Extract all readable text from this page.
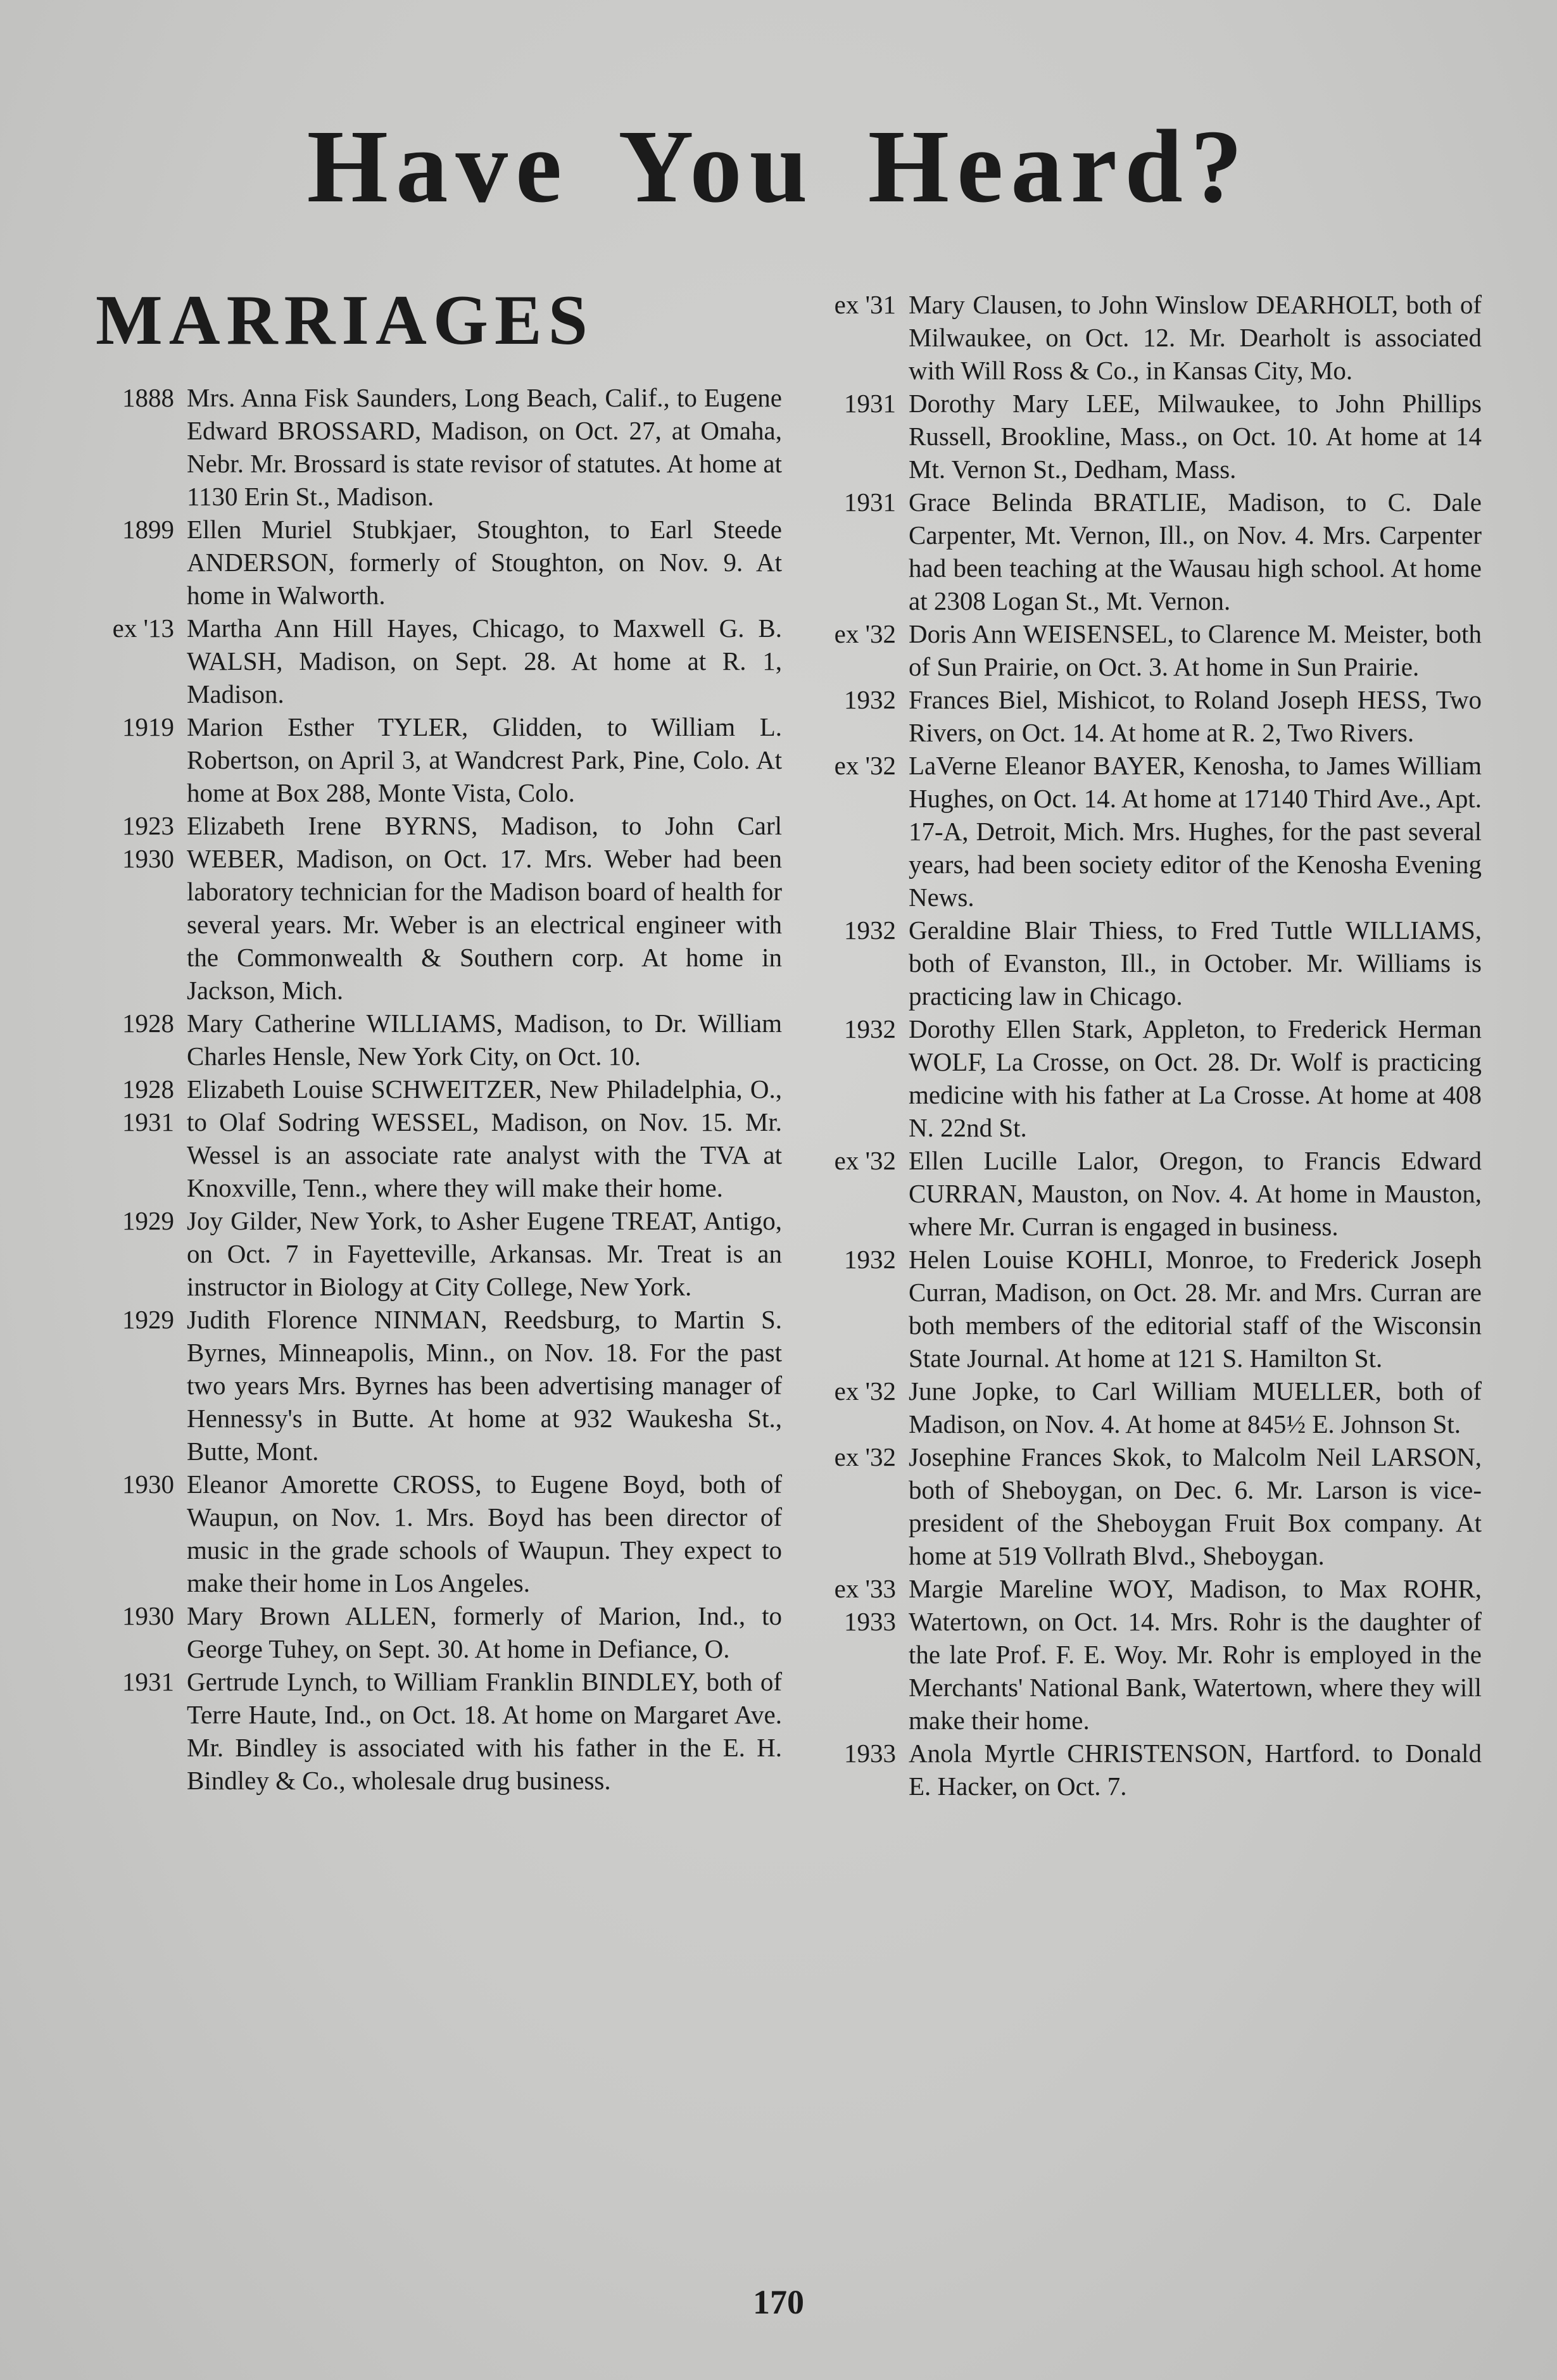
Have You Heard?
MARRIAGES
1888 Mrs. Anna Fisk Saunders, Long Beach, Calif., to Eugene Edward BROSSARD, Madison, on Oct. 27, at Omaha, Nebr. Mr. Brossard is state revisor of statutes. At home at 1130 Erin St., Madison.
1899 Ellen Muriel Stubkjaer, Stoughton, to Earl Steede ANDERSON, formerly of Stoughton, on Nov. 9. At home in Walworth.
ex '13 Martha Ann Hill Hayes, Chicago, to Maxwell G. B. WALSH, Madison, on Sept. 28. At home at R. 1, Madison.
1919 Marion Esther TYLER, Glidden, to William L. Robertson, on April 3, at Wandcrest Park, Pine, Colo. At home at Box 288, Monte Vista, Colo.
1923
1930
Elizabeth Irene BYRNS, Madison, to John Carl WEBER, Madison, on Oct. 17. Mrs. Weber had been laboratory technician for the Madison board of health for several years. Mr. Weber is an electrical engineer with the Commonwealth & Southern corp. At home in Jackson, Mich.
1928 Mary Catherine WILLIAMS, Madison, to Dr. William Charles Hensle, New York City, on Oct. 10.
1928
1931
Elizabeth Louise SCHWEITZER, New Philadelphia, O., to Olaf Sodring WESSEL, Madison, on Nov. 15. Mr. Wessel is an associate rate analyst with the TVA at Knoxville, Tenn., where they will make their home.
1929 Joy Gilder, New York, to Asher Eugene TREAT, Antigo, on Oct. 7 in Fayetteville, Arkansas. Mr. Treat is an instructor in Biology at City College, New York.
1929 Judith Florence NINMAN, Reedsburg, to Martin S. Byrnes, Minneapolis, Minn., on Nov. 18. For the past two years Mrs. Byrnes has been advertising manager of Hennessy's in Butte. At home at 932 Waukesha St., Butte, Mont.
1930 Eleanor Amorette CROSS, to Eugene Boyd, both of Waupun, on Nov. 1. Mrs. Boyd has been director of music in the grade schools of Waupun. They expect to make their home in Los Angeles.
1930 Mary Brown ALLEN, formerly of Marion, Ind., to George Tuhey, on Sept. 30. At home in Defiance, O.
1931 Gertrude Lynch, to William Franklin BINDLEY, both of Terre Haute, Ind., on Oct. 18. At home on Margaret Ave. Mr. Bindley is associated with his father in the E. H. Bindley & Co., wholesale drug business.
ex '31 Mary Clausen, to John Winslow DEARHOLT, both of Milwaukee, on Oct. 12. Mr. Dearholt is associated with Will Ross & Co., in Kansas City, Mo.
1931 Dorothy Mary LEE, Milwaukee, to John Phillips Russell, Brookline, Mass., on Oct. 10. At home at 14 Mt. Vernon St., Dedham, Mass.
1931 Grace Belinda BRATLIE, Madison, to C. Dale Carpenter, Mt. Vernon, Ill., on Nov. 4. Mrs. Carpenter had been teaching at the Wausau high school. At home at 2308 Logan St., Mt. Vernon.
ex '32 Doris Ann WEISENSEL, to Clarence M. Meister, both of Sun Prairie, on Oct. 3. At home in Sun Prairie.
1932 Frances Biel, Mishicot, to Roland Joseph HESS, Two Rivers, on Oct. 14. At home at R. 2, Two Rivers.
ex '32 LaVerne Eleanor BAYER, Kenosha, to James William Hughes, on Oct. 14. At home at 17140 Third Ave., Apt. 17-A, Detroit, Mich. Mrs. Hughes, for the past several years, had been society editor of the Kenosha Evening News.
1932 Geraldine Blair Thiess, to Fred Tuttle WILLIAMS, both of Evanston, Ill., in October. Mr. Williams is practicing law in Chicago.
1932 Dorothy Ellen Stark, Appleton, to Frederick Herman WOLF, La Crosse, on Oct. 28. Dr. Wolf is practicing medicine with his father at La Crosse. At home at 408 N. 22nd St.
ex '32 Ellen Lucille Lalor, Oregon, to Francis Edward CURRAN, Mauston, on Nov. 4. At home in Mauston, where Mr. Curran is engaged in business.
1932 Helen Louise KOHLI, Monroe, to Frederick Joseph Curran, Madison, on Oct. 28. Mr. and Mrs. Curran are both members of the editorial staff of the Wisconsin State Journal. At home at 121 S. Hamilton St.
ex '32 June Jopke, to Carl William MUELLER, both of Madison, on Nov. 4. At home at 845½ E. Johnson St.
ex '32 Josephine Frances Skok, to Malcolm Neil LARSON, both of Sheboygan, on Dec. 6. Mr. Larson is vice-president of the Sheboygan Fruit Box company. At home at 519 Vollrath Blvd., Sheboygan.
ex '33
1933
Margie Mareline WOY, Madison, to Max ROHR, Watertown, on Oct. 14. Mrs. Rohr is the daughter of the late Prof. F. E. Woy. Mr. Rohr is employed in the Merchants' National Bank, Watertown, where they will make their home.
1933 Anola Myrtle CHRISTENSON, Hartford. to Donald E. Hacker, on Oct. 7.
170
